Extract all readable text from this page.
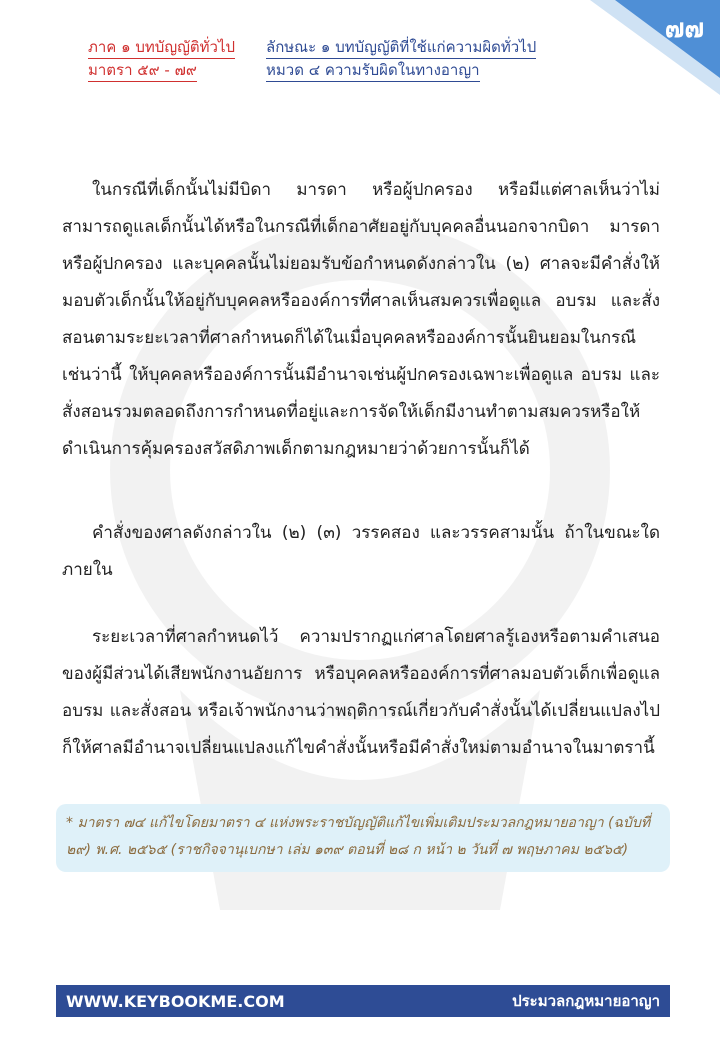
๗๗
ภาค ๑ บทบัญญัติทั่วไป	ลักษณะ ๑ บทบัญญัติที่ใช้แก่ความผิดทั่วไป
มาตรา ๕๙ - ๗๙	หมวด ๔ ความรับผิดในทางอาญา

ในกรณีที่เด็กนั้นไม่มีบิดา มารดา หรือผู้ปกครอง หรือมีแต่ศาลเห็นว่าไม่สามารถดูแลเด็กนั้นได้หรือในกรณีที่เด็กอาศัยอยู่กับบุคคลอื่นนอกจากบิดา มารดา หรือผู้ปกครอง และบุคคลนั้นไม่ยอมรับข้อกำหนดดังกล่าวใน (๒) ศาลจะมีคำสั่งให้มอบตัวเด็กนั้นให้อยู่กับบุคคลหรือองค์การที่ศาลเห็นสมควรเพื่อดูแล อบรม และสั่งสอนตามระยะเวลาที่ศาลกำหนดก็ได้ในเมื่อบุคคลหรือองค์การนั้นยินยอมในกรณีเช่นว่านี้ ให้บุคคลหรือองค์การนั้นมีอำนาจเช่นผู้ปกครองเฉพาะเพื่อดูแล อบรม และสั่งสอนรวมตลอดถึงการกำหนดที่อยู่และการจัดให้เด็กมีงานทำตามสมควรหรือให้ดำเนินการคุ้มครองสวัสดิภาพเด็กตามกฎหมายว่าด้วยการนั้นก็ได้

คำสั่งของศาลดังกล่าวใน (๒) (๓) วรรคสอง และวรรคสามนั้น ถ้าในขณะใดภายใน

ระยะเวลาที่ศาลกำหนดไว้ ความปรากฏแก่ศาลโดยศาลรู้เองหรือตามคำเสนอของผู้มีส่วนได้เสียพนักงานอัยการ หรือบุคคลหรือองค์การที่ศาลมอบตัวเด็กเพื่อดูแล อบรม และสั่งสอน หรือเจ้าพนักงานว่าพฤติการณ์เกี่ยวกับคำสั่งนั้นได้เปลี่ยนแปลงไป ก็ให้ศาลมีอำนาจเปลี่ยนแปลงแก้ไขคำสั่งนั้นหรือมีคำสั่งใหม่ตามอำนาจในมาตรานี้

* มาตรา ๗๔ แก้ไขโดยมาตรา ๔ แห่งพระราชบัญญัติแก้ไขเพิ่มเติมประมวลกฎหมายอาญา (ฉบับที่ ๒๙) พ.ศ. ๒๕๖๕ (ราชกิจจานุเบกษา เล่ม ๑๓๙ ตอนที่ ๒๘ ก หน้า ๒ วันที่ ๗ พฤษภาคม ๒๕๖๕)
WWW.KEYBOOKME.COM	ประมวลกฎหมายอาญา
